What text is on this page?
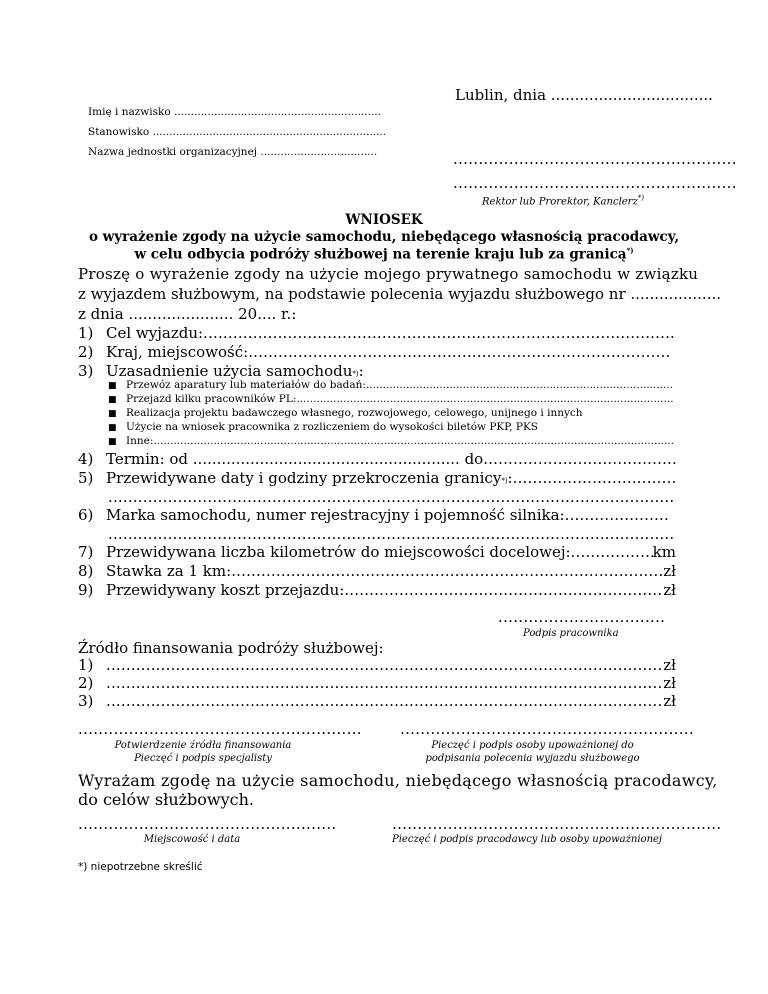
Lublin, dnia ..................................
Imię i nazwisko ..............................................................
Stanowisko ......................................................................
Nazwa jednostki organizacyjnej ...................................	........................................................
........................................................
Rektor lub Prorektor, Kanclerz*)
WNIOSEK
o wyrażenie zgody na użycie samochodu, niebędącego własnością pracodawcy,
w celu odbycia podróży służbowej na terenie kraju lub za granicą*)
Proszę o wyrażenie zgody na użycie mojego prywatnego samochodu w związku
z wyjazdem służbowym, na podstawie polecenia wyjazdu służbowego nr ...................
z dnia ...................... 20.... r.:
1) Cel wyjazdu:
.....
2) Kraj, miejscowość:
.....
3) Uzasadnienie użycia samochodu$_{*)}$ :
■ Przewóz aparatury lub materiałów do badań:
.....
■ Przejazd kilku pracowników PL:
.....
■ Realizacja projektu badawczego własnego, rozwojowego, celowego, unijnego i innych
■ Użycie na wniosek pracownika z rozliczeniem do wysokości biletów PKP, PKS
■ Inne:
.....
4) Termin: od ........................................................ do
.....
5) Przewidywane daty i godziny przekroczenia granicy$_{*)}$ :
.....
.....
6) Marka samochodu, numer rejestracyjny i pojemność silnika:
.....
.....
7) Przewidywana liczba kilometrów do miejscowości docelowej: .....	km
8) Stawka za 1 km: .....	zł
9) Przewidywany koszt przejazdu: .....	zł
.................................
Podpis pracownika
Źródło finansowania podróży służbowej:
1) .....	zł
2) .....	zł
3) .....	zł
........................................................
Potwierdzenie źródła finansowania
Pieczęć i podpis specjalisty
..........................................................
Pieczęć i podpis osoby upoważnionej do
podpisania polecenia wyjazdu służbowego
Wyrażam zgodę na użycie samochodu, niebędącego własnością pracodawcy,
do celów służbowych.
...................................................
Miejscowość i data
.................................................................
Pieczęć i podpis pracodawcy lub osoby upoważnionej
*) niepotrzebne skreślić
